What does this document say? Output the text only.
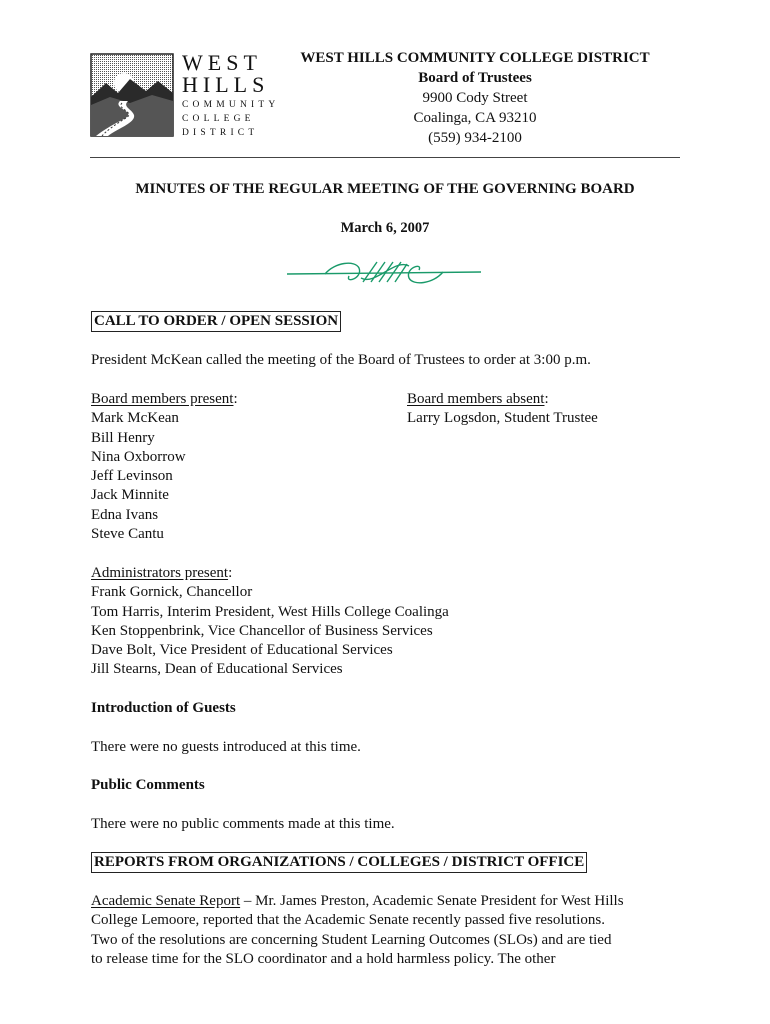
WEST
HILLS
COMMUNITY
COLLEGE
DISTRICT
WEST HILLS COMMUNITY COLLEGE DISTRICT
Board of Trustees
9900 Cody Street
Coalinga, CA 93210
(559) 934-2100
MINUTES OF THE REGULAR MEETING OF THE GOVERNING BOARD
March 6, 2007
CALL TO ORDER / OPEN SESSION
President McKean called the meeting of the Board of Trustees to order at 3:00 p.m.
Board members present:
Mark McKean
Bill Henry
Nina Oxborrow
Jeff Levinson
Jack Minnite
Edna Ivans
Steve Cantu
Board members absent:
Larry Logsdon, Student Trustee
Administrators present:
Frank Gornick, Chancellor
Tom Harris, Interim President, West Hills College Coalinga
Ken Stoppenbrink, Vice Chancellor of Business Services
Dave Bolt, Vice President of Educational Services
Jill Stearns, Dean of Educational Services
Introduction of Guests
There were no guests introduced at this time.
Public Comments
There were no public comments made at this time.
REPORTS FROM ORGANIZATIONS / COLLEGES / DISTRICT OFFICE
Academic Senate Report – Mr. James Preston, Academic Senate President for West Hills
College Lemoore, reported that the Academic Senate recently passed five resolutions.
Two of the resolutions are concerning Student Learning Outcomes (SLOs) and are tied
to release time for the SLO coordinator and a hold harmless policy. The other
